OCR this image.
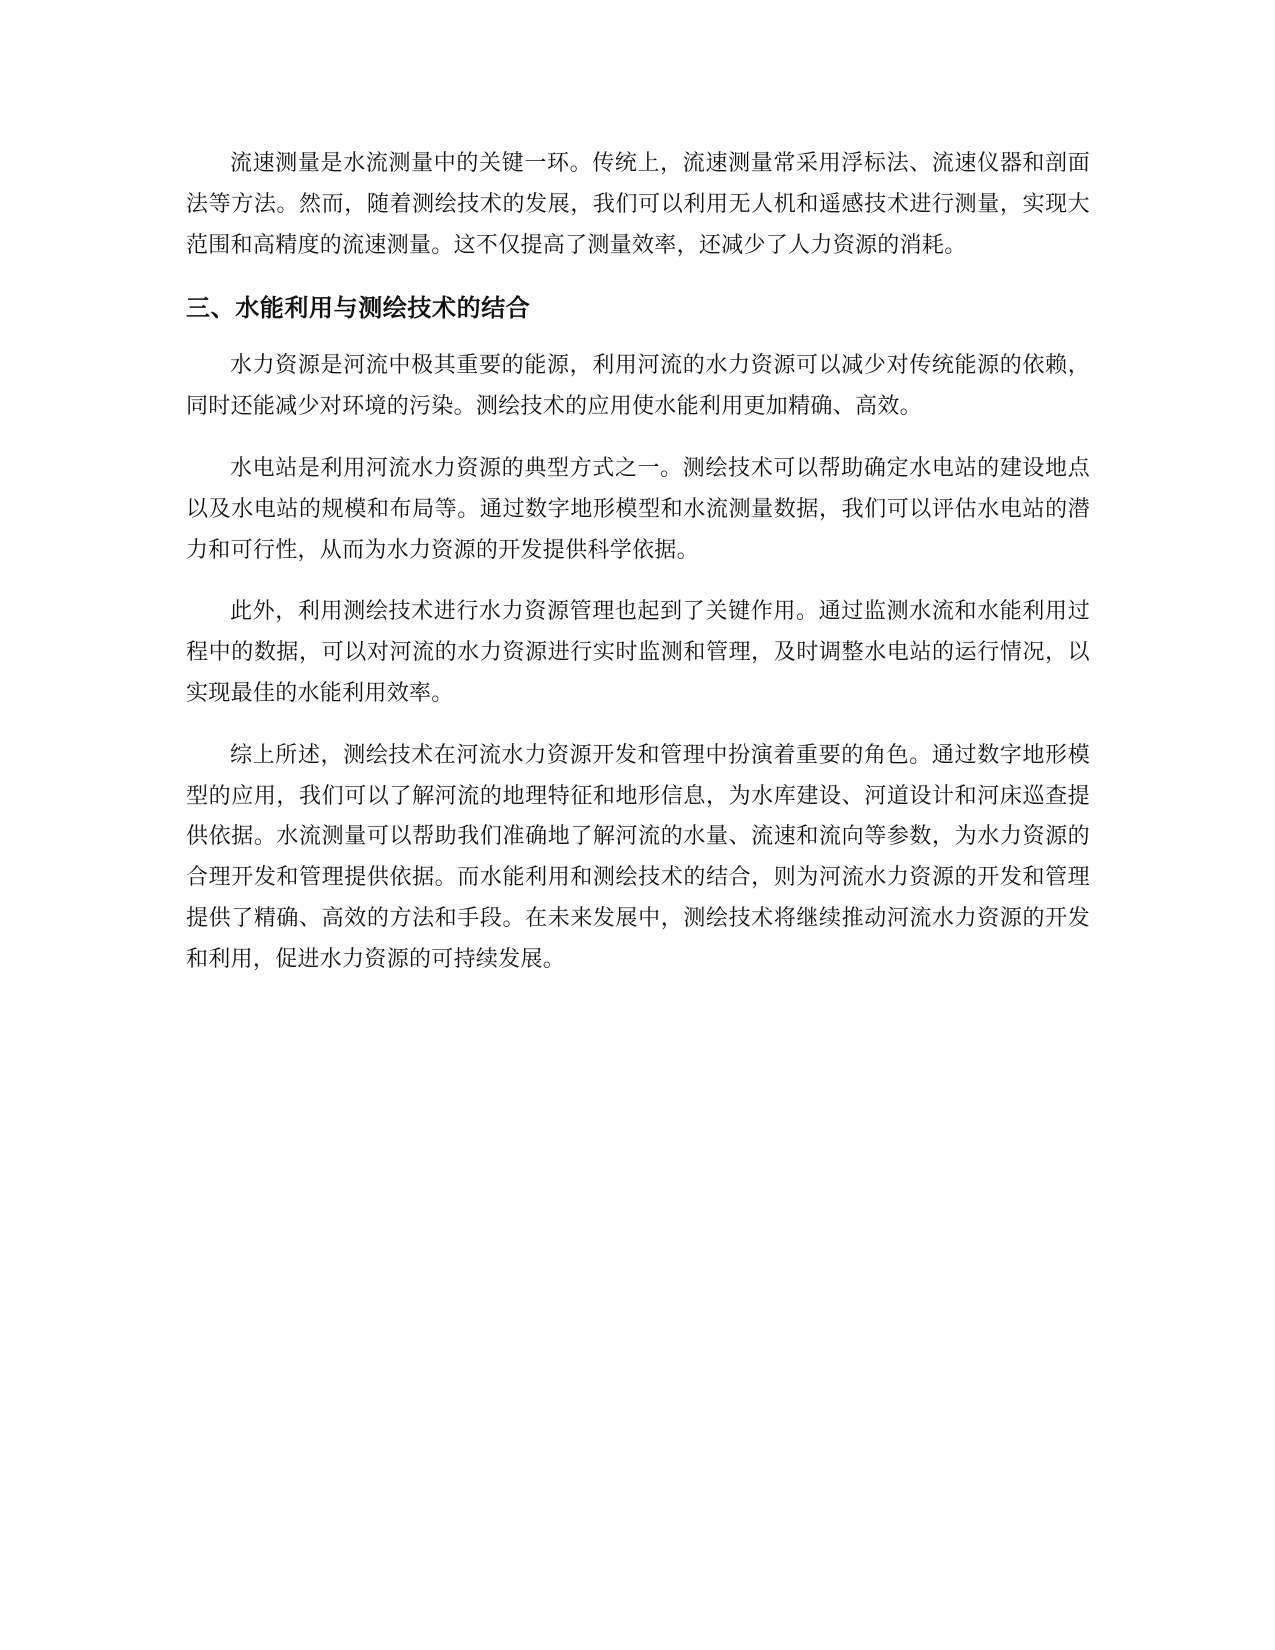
流速测量是水流测量中的关键一环。传统上，流速测量常采用浮标法、流速仪器和剖面法等方法。然而，随着测绘技术的发展，我们可以利用无人机和遥感技术进行测量，实现大范围和高精度的流速测量。这不仅提高了测量效率，还减少了人力资源的消耗。

三、水能利用与测绘技术的结合

水力资源是河流中极其重要的能源，利用河流的水力资源可以减少对传统能源的依赖，同时还能减少对环境的污染。测绘技术的应用使水能利用更加精确、高效。

水电站是利用河流水力资源的典型方式之一。测绘技术可以帮助确定水电站的建设地点以及水电站的规模和布局等。通过数字地形模型和水流测量数据，我们可以评估水电站的潜力和可行性，从而为水力资源的开发提供科学依据。

此外，利用测绘技术进行水力资源管理也起到了关键作用。通过监测水流和水能利用过程中的数据，可以对河流的水力资源进行实时监测和管理，及时调整水电站的运行情况，以实现最佳的水能利用效率。

综上所述，测绘技术在河流水力资源开发和管理中扮演着重要的角色。通过数字地形模型的应用，我们可以了解河流的地理特征和地形信息，为水库建设、河道设计和河床巡查提供依据。水流测量可以帮助我们准确地了解河流的水量、流速和流向等参数，为水力资源的合理开发和管理提供依据。而水能利用和测绘技术的结合，则为河流水力资源的开发和管理提供了精确、高效的方法和手段。在未来发展中，测绘技术将继续推动河流水力资源的开发和利用，促进水力资源的可持续发展。
